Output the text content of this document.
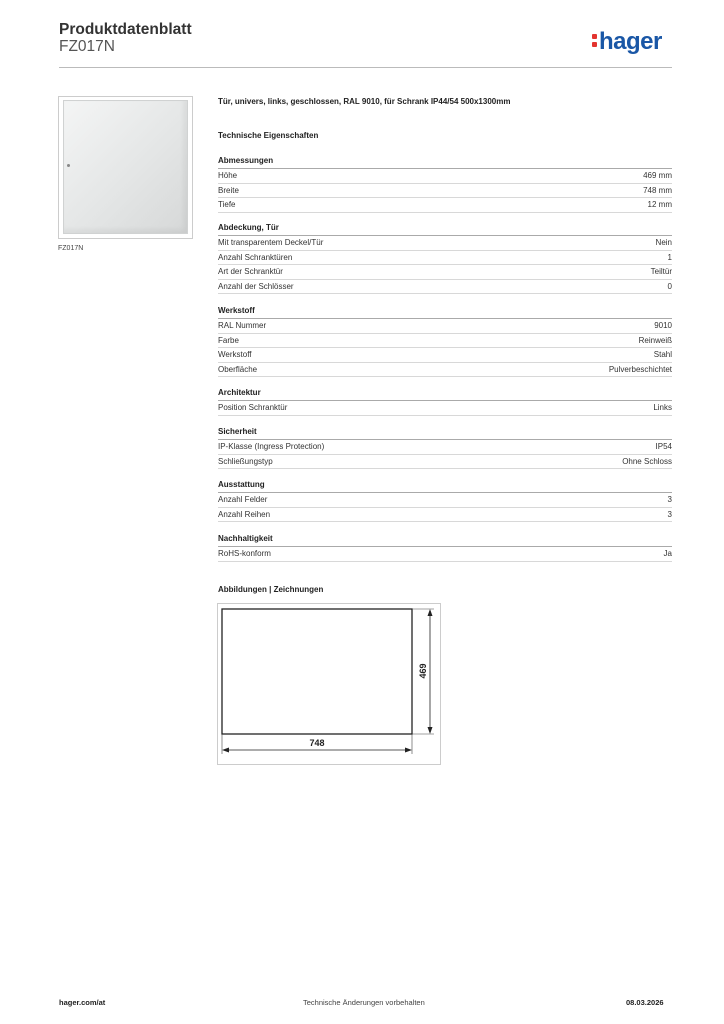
Produktdatenblatt
FZ017N	hager
FZ017N
Tür, univers, links, geschlossen, RAL 9010, für Schrank IP44/54 500x1300mm
Technische Eigenschaften
Abmessungen
Höhe	469 mm
Breite	748 mm
Tiefe	12 mm
Abdeckung, Tür
Mit transparentem Deckel/Tür	Nein
Anzahl Schranktüren	1
Art der Schranktür	Teiltür
Anzahl der Schlösser	0
Werkstoff
RAL Nummer	9010
Farbe	Reinweiß
Werkstoff	Stahl
Oberfläche	Pulverbeschichtet
Architektur
Position Schranktür	Links
Sicherheit
IP-Klasse (Ingress Protection)	IP54
Schließungstyp	Ohne Schloss
Ausstattung
Anzahl Felder	3
Anzahl Reihen	3
Nachhaltigkeit
RoHS-konform	Ja
Abbildungen | Zeichnungen
748
469
hager.com/at	Technische Änderungen vorbehalten	08.03.2026
